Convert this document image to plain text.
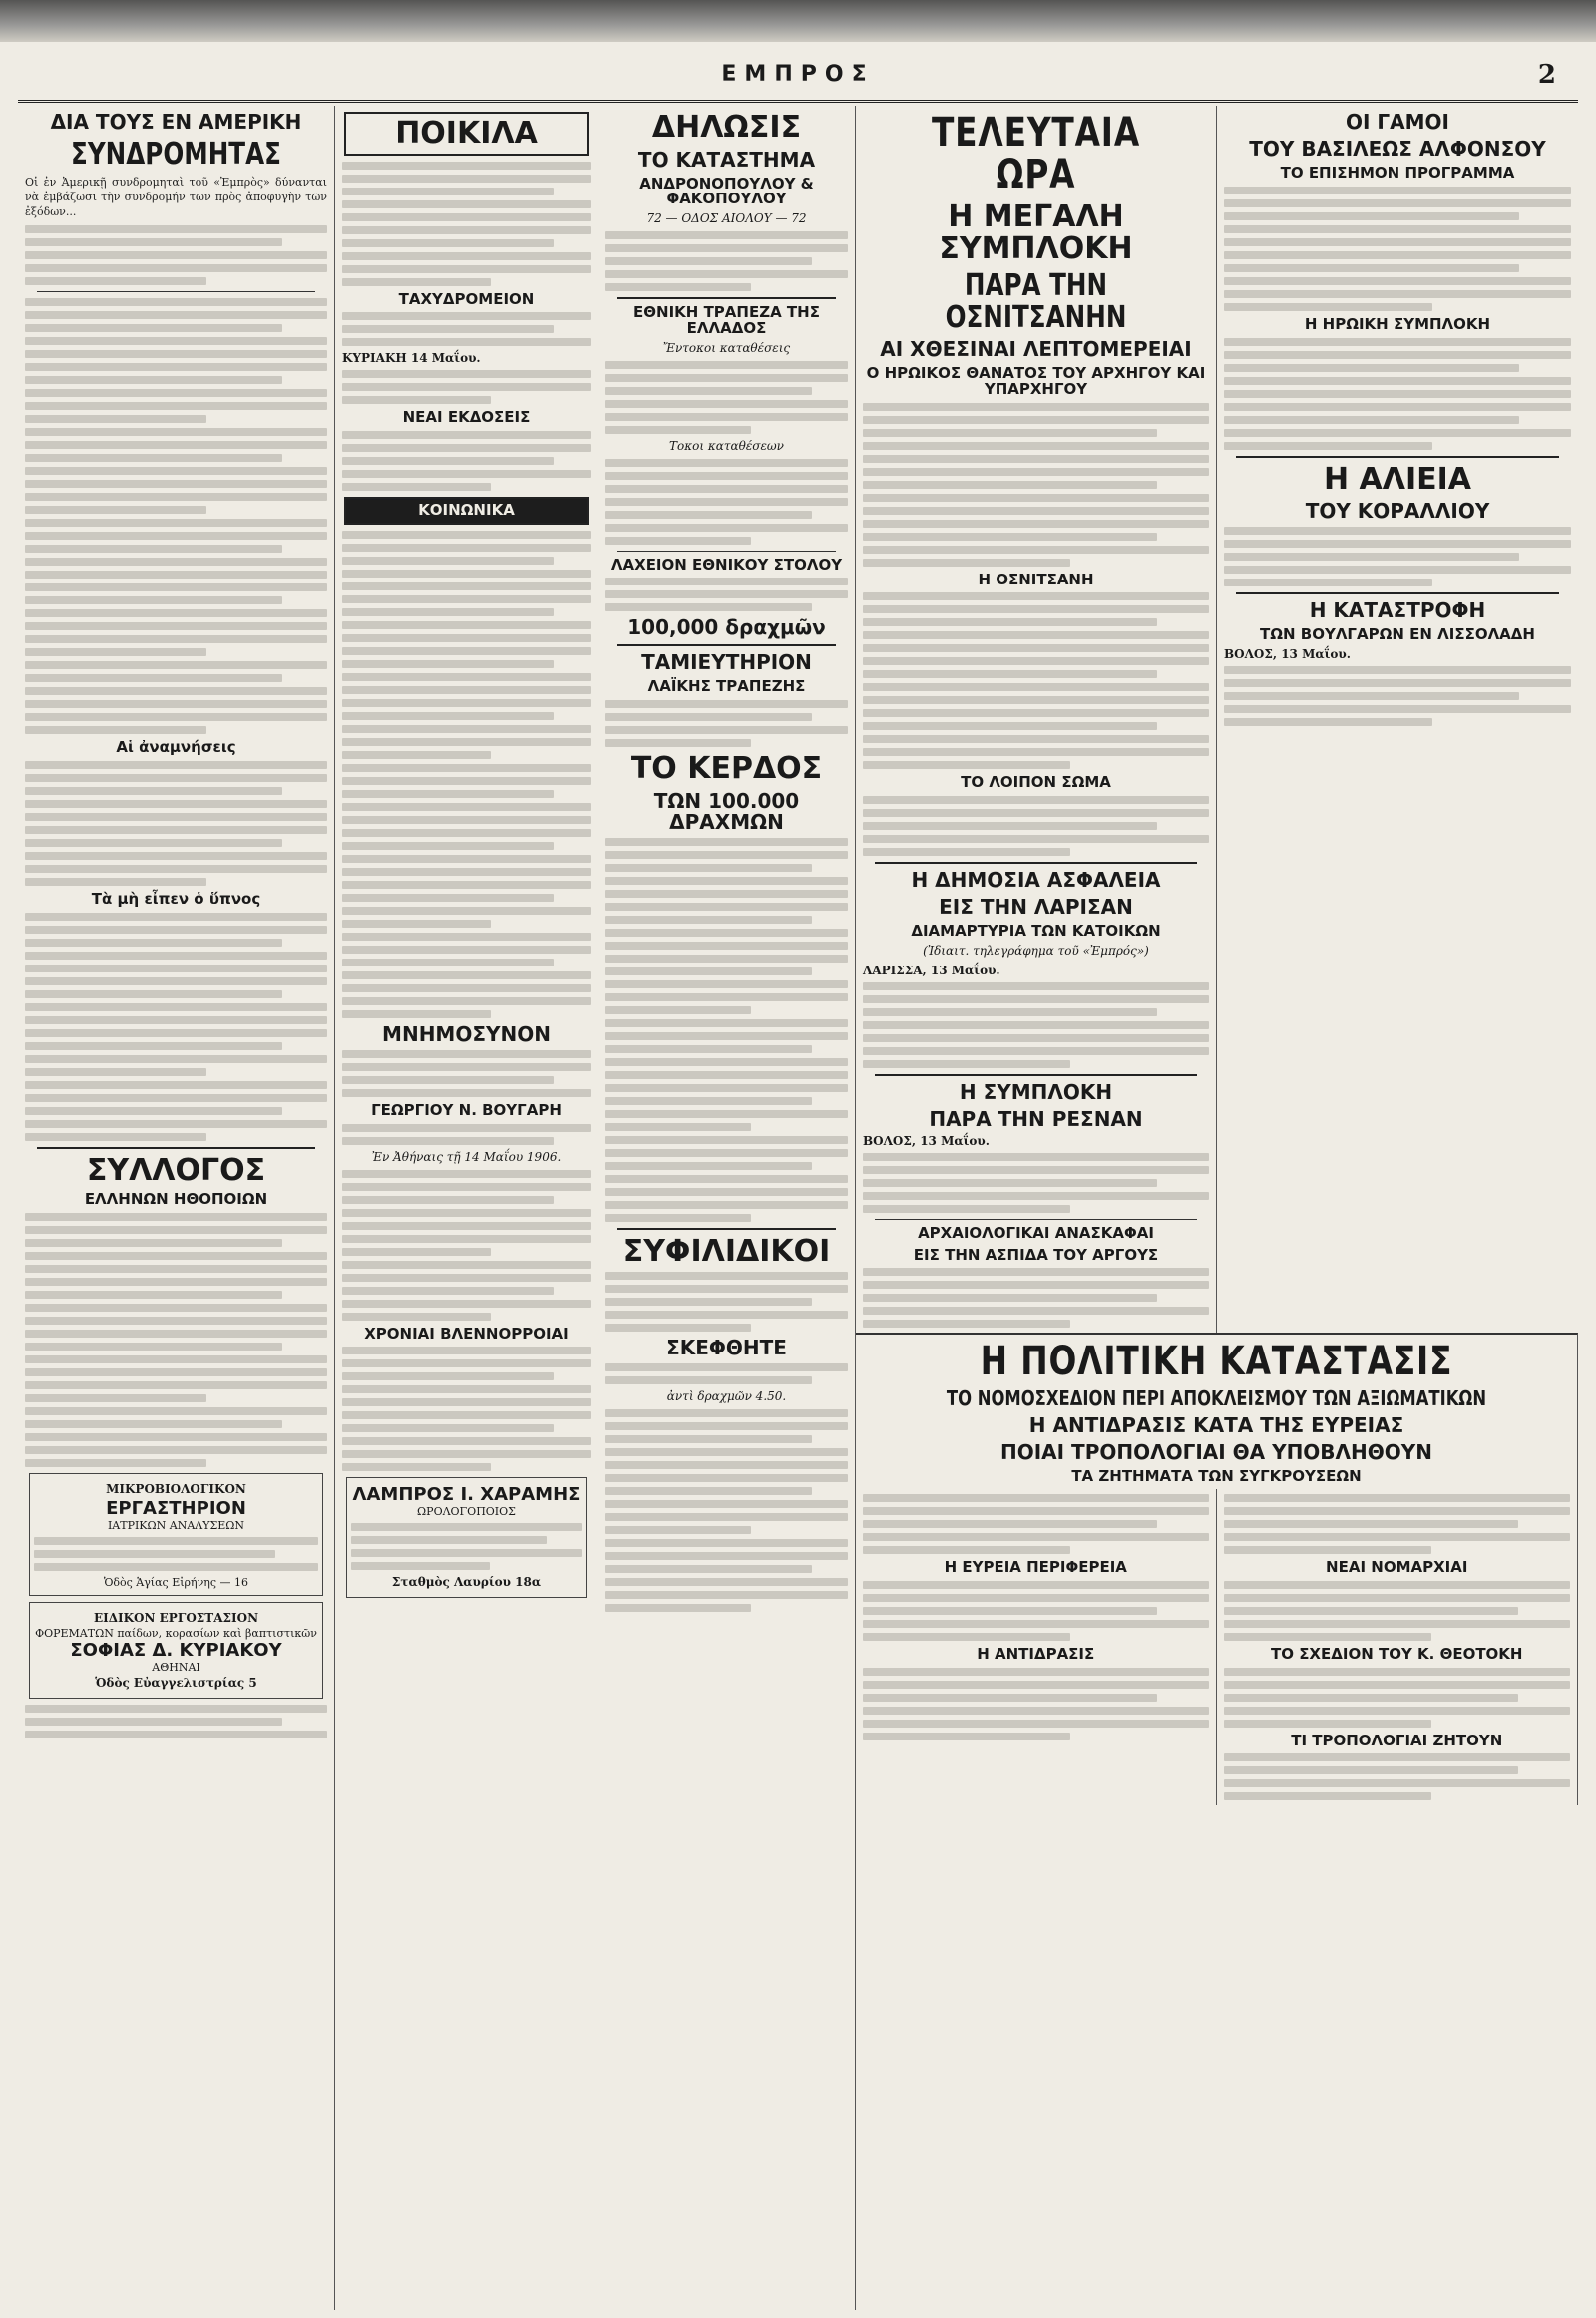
ΕΜΠΡΟΣ	2
ΔΙΑ ΤΟΥΣ ΕΝ ΑΜΕΡΙΚΗ
ΣΥΝΔΡΟΜΗΤΑΣ

Οἱ ἐν Ἀμερικῇ συνδρομηταὶ τοῦ «Ἐμπρὸς» δύνανται νὰ ἐμβάζωσι τὴν συνδρομήν των πρὸς ἀποφυγὴν τῶν ἐξόδων...

Αἱ ἀναμνήσεις
Τὰ μὴ εἶπεν ὁ ὕπνος
ΣΥΛΛΟΓΟΣ
ΕΛΛΗΝΩΝ ΗΘΟΠΟΙΩΝ
ΜΙΚΡΟΒΙΟΛΟΓΙΚΟΝ
ΕΡΓΑΣΤΗΡΙΟΝ
ΙΑΤΡΙΚΩΝ ΑΝΑΛΥΣΕΩΝ
Ὁδὸς Ἁγίας Εἰρήνης — 16
ΕΙΔΙΚΟΝ ΕΡΓΟΣΤΑΣΙΟΝ
ΦΟΡΕΜΑΤΩΝ παίδων, κορασίων καὶ βαπτιστικῶν
ΣΟΦΙΑΣ Δ. ΚΥΡΙΑΚΟΥ
ΑΘΗΝΑΙ
Ὁδὸς Εὐαγγελιστρίας 5
ΠΟΙΚΙΛΑ
ΤΑΧΥΔΡΟΜΕΙΟΝ
ΚΥΡΙΑΚΗ 14 Μαΐου.
ΝΕΑΙ ΕΚΔΟΣΕΙΣ
ΚΟΙΝΩΝΙΚΑ
ΜΝΗΜΟΣΥΝΟΝ
ΓΕΩΡΓΙΟΥ Ν. ΒΟΥΓΑΡΗ
Ἐν Ἀθήναις τῇ 14 Μαΐου 1906.
ΧΡΟΝΙΑΙ ΒΛΕΝΝΟΡΡΟΙΑΙ
ΛΑΜΠΡΟΣ Ι. ΧΑΡΑΜΗΣ
ΩΡΟΛΟΓΟΠΟΙΟΣ
Σταθμὸς Λαυρίου 18α
ΔΗΛΩΣΙΣ
ΤΟ ΚΑΤΑΣΤΗΜΑ
ΑΝΔΡΟΝΟΠΟΥΛΟΥ & ΦΑΚΟΠΟΥΛΟΥ
72 — ΟΔΟΣ ΑΙΟΛΟΥ — 72
ΕΘΝΙΚΗ ΤΡΑΠΕΖΑ ΤΗΣ ΕΛΛΑΔΟΣ
Ἔντοκοι καταθέσεις
Τοκοι καταθέσεων
ΛΑΧΕΙΟΝ ΕΘΝΙΚΟΥ ΣΤΟΛΟΥ
100,000 δραχμῶν
ΤΑΜΙΕΥΤΗΡΙΟΝ
ΛΑΪΚΗΣ ΤΡΑΠΕΖΗΣ
ΤΟ ΚΕΡΔΟΣ
ΤΩΝ 100.000 ΔΡΑΧΜΩΝ
ΣΥΦΙΛΙΔΙΚΟΙ
ΣΚΕΦΘΗΤΕ
ἀντὶ δραχμῶν 4.50.
ΤΕΛΕΥΤΑΙΑ ΩΡΑ
Η ΜΕΓΑΛΗ ΣΥΜΠΛΟΚΗ
ΠΑΡΑ ΤΗΝ ΟΣΝΙΤΣΑΝΗΝ
ΑΙ ΧΘΕΣΙΝΑΙ ΛΕΠΤΟΜΕΡΕΙΑΙ
Ο ΗΡΩΙΚΟΣ ΘΑΝΑΤΟΣ ΤΟΥ ΑΡΧΗΓΟΥ ΚΑΙ ΥΠΑΡΧΗΓΟΥ
Η ΟΣΝΙΤΣΑΝΗ
ΤΟ ΛΟΙΠΟΝ ΣΩΜΑ
Η ΔΗΜΟΣΙΑ ΑΣΦΑΛΕΙΑ
ΕΙΣ ΤΗΝ ΛΑΡΙΣΑΝ
ΔΙΑΜΑΡΤΥΡΙΑ ΤΩΝ ΚΑΤΟΙΚΩΝ
(Ἰδιαιτ. τηλεγράφημα τοῦ «Ἐμπρός»)
ΛΑΡΙΣΣΑ, 13 Μαΐου.
Η ΣΥΜΠΛΟΚΗ
ΠΑΡΑ ΤΗΝ ΡΕΣΝΑΝ
ΒΟΛΟΣ, 13 Μαΐου.
ΑΡΧΑΙΟΛΟΓΙΚΑΙ ΑΝΑΣΚΑΦΑΙ
ΕΙΣ ΤΗΝ ΑΣΠΙΔΑ ΤΟΥ ΑΡΓΟΥΣ
ΟΙ ΓΑΜΟΙ
ΤΟΥ ΒΑΣΙΛΕΩΣ ΑΛΦΟΝΣΟΥ
ΤΟ ΕΠΙΣΗΜΟΝ ΠΡΟΓΡΑΜΜΑ
Η ΗΡΩΙΚΗ ΣΥΜΠΛΟΚΗ
Η ΑΛΙΕΙΑ
ΤΟΥ ΚΟΡΑΛΛΙΟΥ
Η ΚΑΤΑΣΤΡΟΦΗ
ΤΩΝ ΒΟΥΛΓΑΡΩΝ ΕΝ ΛΙΣΣΟΛΑΔΗ
ΒΟΛΟΣ, 13 Μαΐου.
Η ΠΟΛΙΤΙΚΗ ΚΑΤΑΣΤΑΣΙΣ
ΤΟ ΝΟΜΟΣΧΕΔΙΟΝ ΠΕΡΙ ΑΠΟΚΛΕΙΣΜΟΥ ΤΩΝ ΑΞΙΩΜΑΤΙΚΩΝ
Η ΑΝΤΙΔΡΑΣΙΣ ΚΑΤΑ ΤΗΣ ΕΥΡΕΙΑΣ
ΠΟΙΑΙ ΤΡΟΠΟΛΟΓΙΑΙ ΘΑ ΥΠΟΒΛΗΘΟΥΝ
ΤΑ ΖΗΤΗΜΑΤΑ ΤΩΝ ΣΥΓΚΡΟΥΣΕΩΝ
Η ΕΥΡΕΙΑ ΠΕΡΙΦΕΡΕΙΑ
Η ΑΝΤΙΔΡΑΣΙΣ
ΝΕΑΙ ΝΟΜΑΡΧΙΑΙ
ΤΟ ΣΧΕΔΙΟΝ ΤΟΥ Κ. ΘΕΟΤΟΚΗ
ΤΙ ΤΡΟΠΟΛΟΓΙΑΙ ΖΗΤΟΥΝ
